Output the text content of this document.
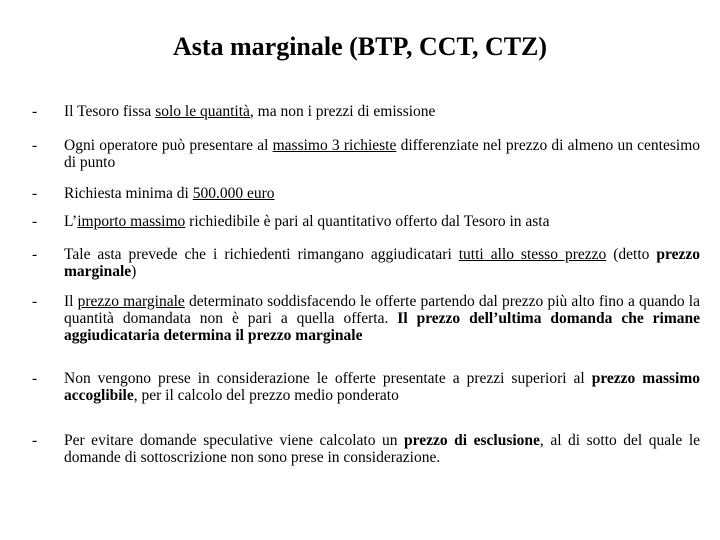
Asta marginale (BTP, CCT, CTZ)
-	Il Tesoro fissa solo le quantità, ma non i prezzi di emissione
-	Ogni operatore può presentare al massimo 3 richieste differenziate nel prezzo di almeno un centesimo di punto
-	Richiesta minima di 500.000 euro
-	L’importo massimo richiedibile è pari al quantitativo offerto dal Tesoro in asta
-	Tale asta prevede che i richiedenti rimangano aggiudicatari tutti allo stesso prezzo (detto prezzo marginale)
-	Il prezzo marginale determinato soddisfacendo le offerte partendo dal prezzo più alto fino a quando la quantità domandata non è pari a quella offerta. Il prezzo dell’ultima domanda che rimane aggiudicataria determina il prezzo marginale
-	Non vengono prese in considerazione le offerte presentate a prezzi superiori al prezzo massimo accoglibile, per il calcolo del prezzo medio ponderato
-	Per evitare domande speculative viene calcolato un prezzo di esclusione, al di sotto del quale le domande di sottoscrizione non sono prese in considerazione.
